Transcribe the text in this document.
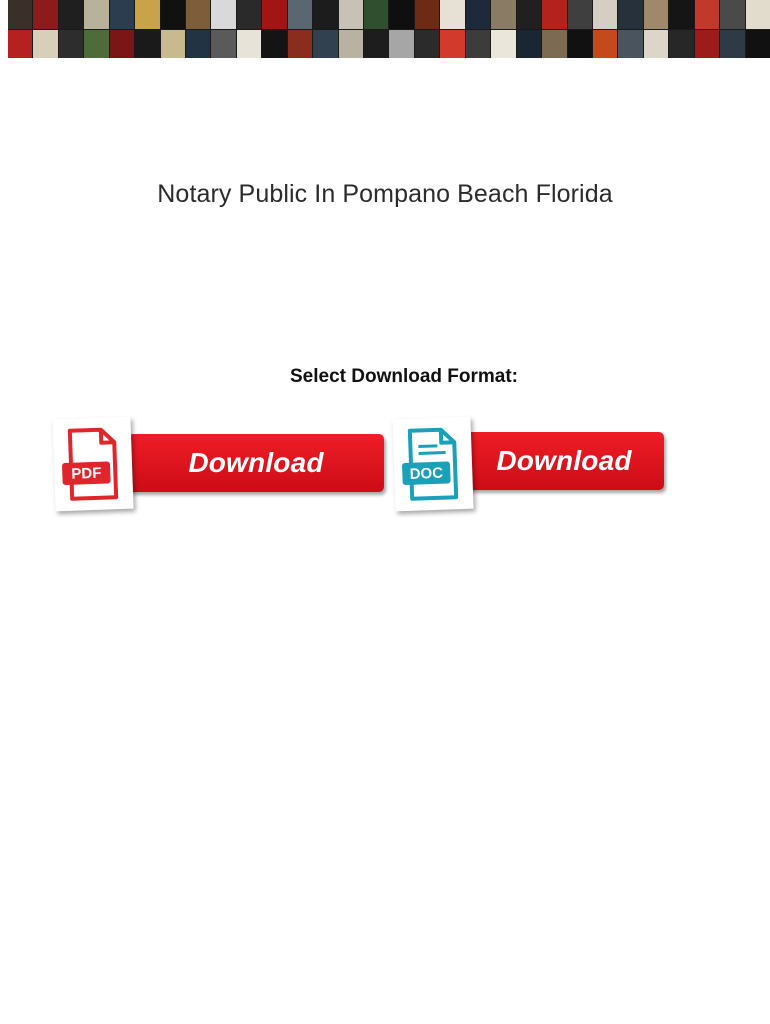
Notary Public In Pompano Beach Florida

Select Download Format:

Download
PDF	Download
DOC
